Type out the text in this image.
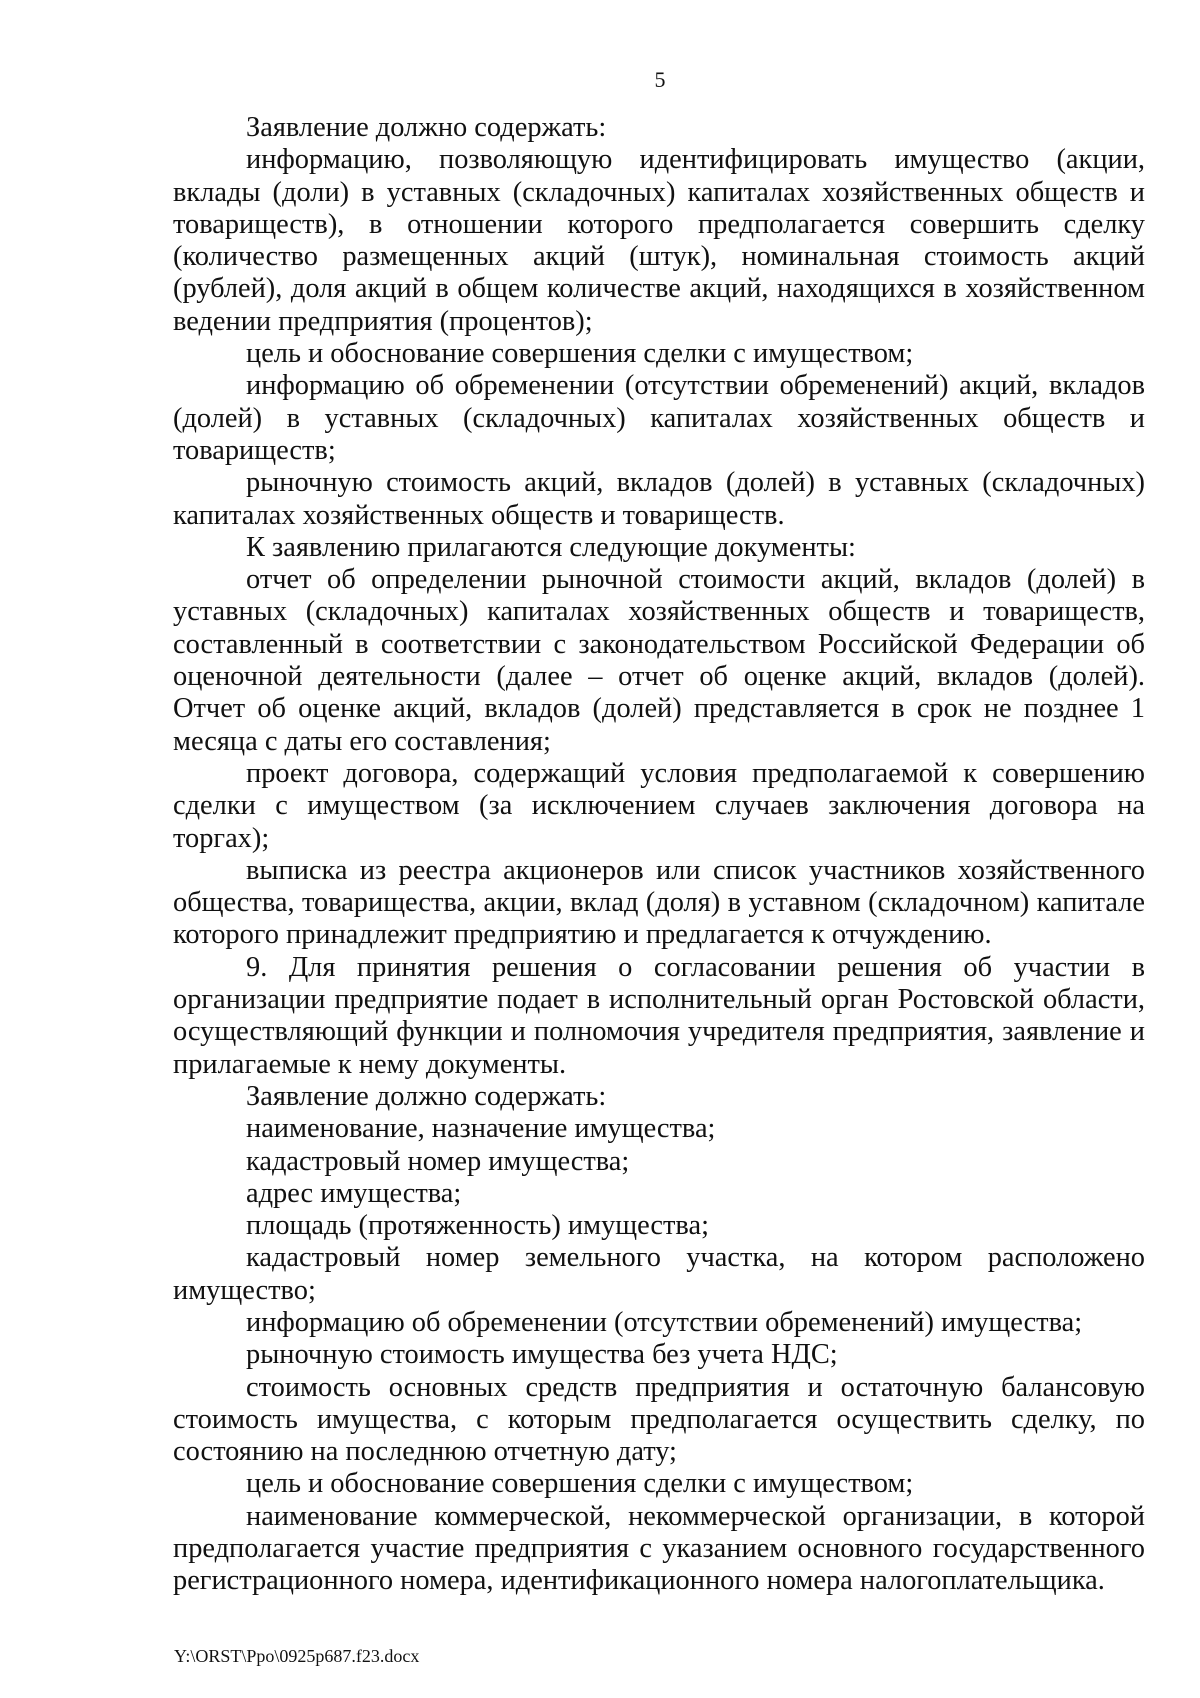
5

Заявление должно содержать:

информацию, позволяющую идентифицировать имущество (акции, вклады (доли) в уставных (складочных) капиталах хозяйственных обществ и товариществ), в отношении которого предполагается совершить сделку (количество размещенных акций (штук), номинальная стоимость акций (рублей), доля акций в общем количестве акций, находящихся в хозяйственном ведении предприятия (процентов);

цель и обоснование совершения сделки с имуществом;

информацию об обременении (отсутствии обременений) акций, вкладов (долей) в уставных (складочных) капиталах хозяйственных обществ и товариществ;

рыночную стоимость акций, вкладов (долей) в уставных (складочных) капиталах хозяйственных обществ и товариществ.

К заявлению прилагаются следующие документы:

отчет об определении рыночной стоимости акций, вкладов (долей) в уставных (складочных) капиталах хозяйственных обществ и товариществ, составленный в соответствии с законодательством Российской Федерации об оценочной деятельности (далее – отчет об оценке акций, вкладов (долей). Отчет об оценке акций, вкладов (долей) представляется в срок не позднее 1 месяца с даты его составления;

проект договора, содержащий условия предполагаемой к совершению сделки с имуществом (за исключением случаев заключения договора на торгах);

выписка из реестра акционеров или список участников хозяйственного общества, товарищества, акции, вклад (доля) в уставном (складочном) капитале которого принадлежит предприятию и предлагается к отчуждению.

9. Для принятия решения о согласовании решения об участии в организации предприятие подает в исполнительный орган Ростовской области, осуществляющий функции и полномочия учредителя предприятия, заявление и прилагаемые к нему документы.

Заявление должно содержать:

наименование, назначение имущества;

кадастровый номер имущества;

адрес имущества;

площадь (протяженность) имущества;

кадастровый номер земельного участка, на котором расположено имущество;

информацию об обременении (отсутствии обременений) имущества;

рыночную стоимость имущества без учета НДС;

стоимость основных средств предприятия и остаточную балансовую стоимость имущества, с которым предполагается осуществить сделку, по состоянию на последнюю отчетную дату;

цель и обоснование совершения сделки с имуществом;

наименование коммерческой, некоммерческой организации, в которой предполагается участие предприятия с указанием основного государственного регистрационного номера, идентификационного номера налогоплательщика.

Y:\ORST\Ppo\0925p687.f23.docx
